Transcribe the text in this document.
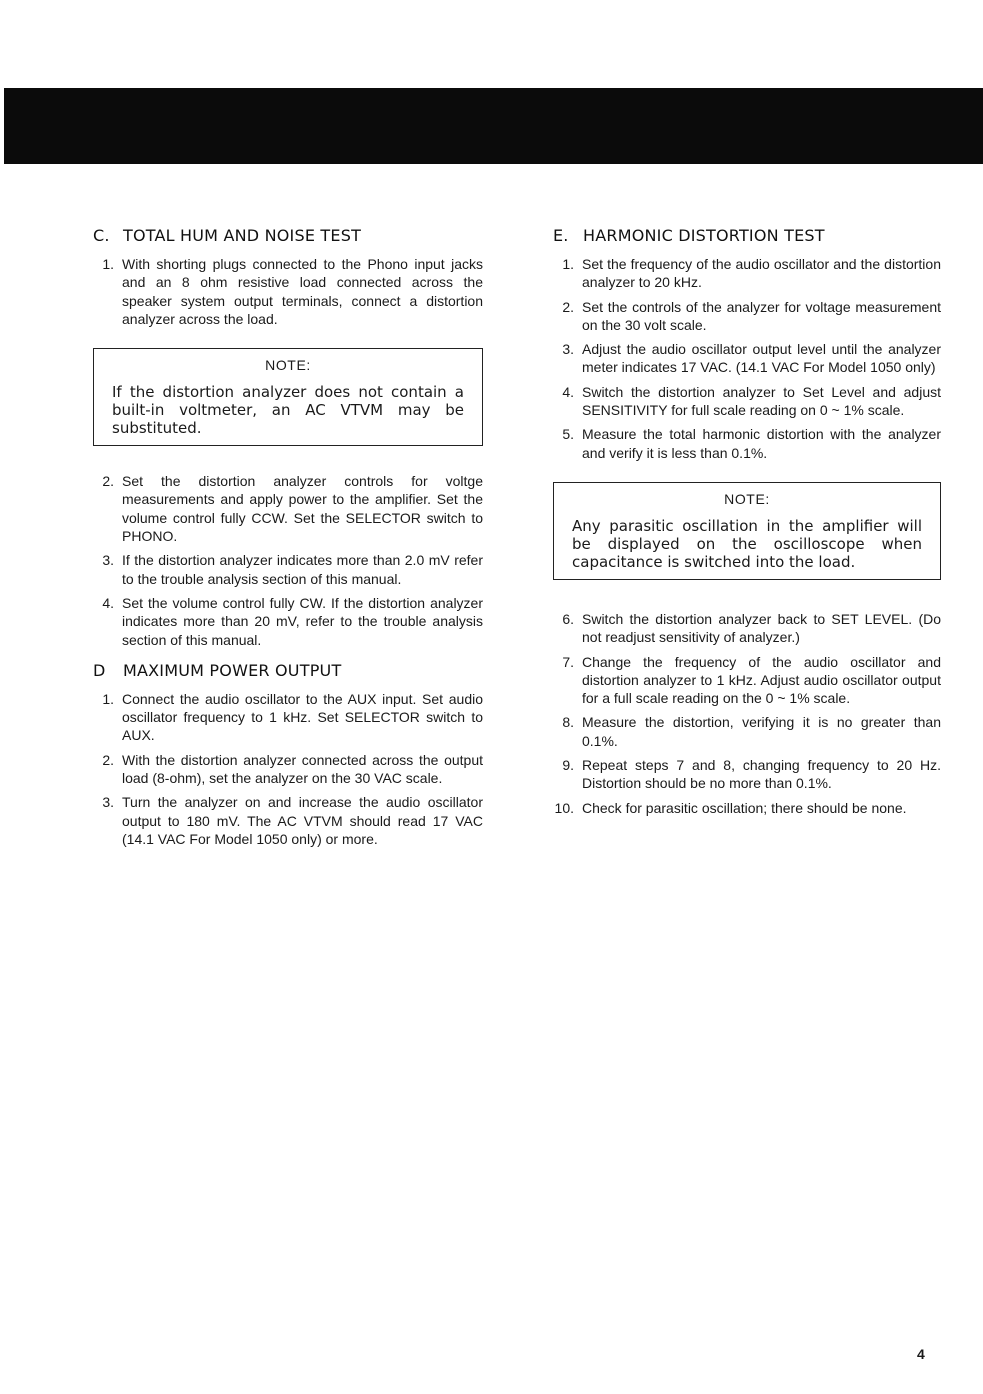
C. TOTAL HUM AND NOISE TEST
1. With shorting plugs connected to the Phono input jacks and an 8 ohm resistive load connected across the speaker system output terminals, connect a distortion analyzer across the load.
NOTE:
If the distortion analyzer does not contain a built-in voltmeter, an AC VTVM may be substituted.
2. Set the distortion analyzer controls for voltge measurements and apply power to the amplifier. Set the volume control fully CCW. Set the SELECTOR switch to PHONO.
3. If the distortion analyzer indicates more than 2.0 mV refer to the trouble analysis section of this manual.
4. Set the volume control fully CW. If the distortion analyzer indicates more than 20 mV, refer to the trouble analysis section of this manual.
D	MAXIMUM POWER OUTPUT
1. Connect the audio oscillator to the AUX input. Set audio oscillator frequency to 1 kHz. Set SELECTOR switch to AUX.
2. With the distortion analyzer connected across the output load (8-ohm), set the analyzer on the 30 VAC scale.
3. Turn the analyzer on and increase the audio oscillator output to 180 mV. The AC VTVM should read 17 VAC (14.1 VAC For Model 1050 only) or more.
E. HARMONIC DISTORTION TEST
1. Set the frequency of the audio oscillator and the distortion analyzer to 20 kHz.
2. Set the controls of the analyzer for voltage measurement on the 30 volt scale.
3. Adjust the audio oscillator output level until the analyzer meter indicates 17 VAC. (14.1 VAC For Model 1050 only)
4. Switch the distortion analyzer to Set Level and adjust SENSITIVITY for full scale reading on 0 ~ 1% scale.
5. Measure the total harmonic distortion with the analyzer and verify it is less than 0.1%.
NOTE:
Any parasitic oscillation in the amplifier will be displayed on the oscilloscope when capacitance is switched into the load.
6. Switch the distortion analyzer back to SET LEVEL. (Do not readjust sensitivity of analyzer.)
7. Change the frequency of the audio oscillator and distortion analyzer to 1 kHz. Adjust audio oscillator output for a full scale reading on the 0 ~ 1% scale.
8. Measure the distortion, verifying it is no greater than 0.1%.
9. Repeat steps 7 and 8, changing frequency to 20 Hz. Distortion should be no more than 0.1%.
10. Check for parasitic oscillation; there should be none.
4
